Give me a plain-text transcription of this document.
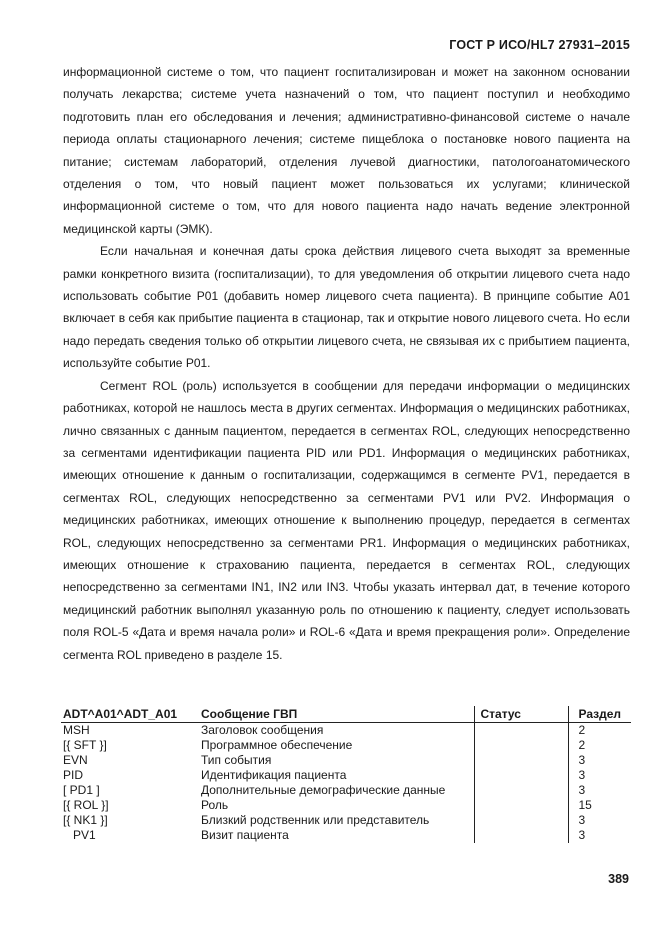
ГОСТ Р ИСО/HL7 27931–2015

информационной системе о том, что пациент госпитализирован и может на законном основании получать лекарства; системе учета назначений о том, что пациент поступил и необходимо подготовить план его обследования и лечения; административно-финансовой системе о начале периода оплаты стационарного лечения; системе пищеблока о постановке нового пациента на питание; системам лабораторий, отделения лучевой диагностики, патологоанатомического отделения о том, что новый пациент может пользоваться их услугами; клинической информационной системе о том, что для нового пациента надо начать ведение электронной медицинской карты (ЭМК).

Если начальная и конечная даты срока действия лицевого счета выходят за временные рамки конкретного визита (госпитализации), то для уведомления об открытии лицевого счета надо использовать событие Р01 (добавить номер лицевого счета пациента). В принципе событие А01 включает в себя как прибытие пациента в стационар, так и открытие нового лицевого счета. Но если надо передать сведения только об открытии лицевого счета, не связывая их с прибытием пациента, используйте событие Р01.

Сегмент ROL (роль) используется в сообщении для передачи информации о медицинских работниках, которой не нашлось места в других сегментах. Информация о медицинских работниках, лично связанных с данным пациентом, передается в сегментах ROL, следующих непосредственно за сегментами идентификации пациента PID или PD1. Информация о медицинских работниках, имеющих отношение к данным о госпитализации, содержащимся в сегменте PV1, передается в сегментах ROL, следующих непосредственно за сегментами PV1 или PV2. Информация о медицинских работниках, имеющих отношение к выполнению процедур, передается в сегментах ROL, следующих непосредственно за сегментами PR1. Информация о медицинских работниках, имеющих отношение к страхованию пациента, передается в сегментах ROL, следующих непосредственно за сегментами IN1, IN2 или IN3. Чтобы указать интервал дат, в течение которого медицинский работник выполнял указанную роль по отношению к пациенту, следует использовать поля ROL-5 «Дата и время начала роли» и ROL-6 «Дата и время прекращения роли». Определение сегмента ROL приведено в разделе 15.

ADT^A01^ADT_A01	Сообщение ГВП	Статус	Раздел
MSH	Заголовок сообщения		2
[{ SFT }]	Программное обеспечение		2
EVN	Тип события		3
PID	Идентификация пациента		3
[ PD1 ]	Дополнительные демографические данные		3
[{ ROL }]	Роль		15
[{ NK1 }]	Близкий родственник или представитель		3
PV1	Визит пациента		3
389
